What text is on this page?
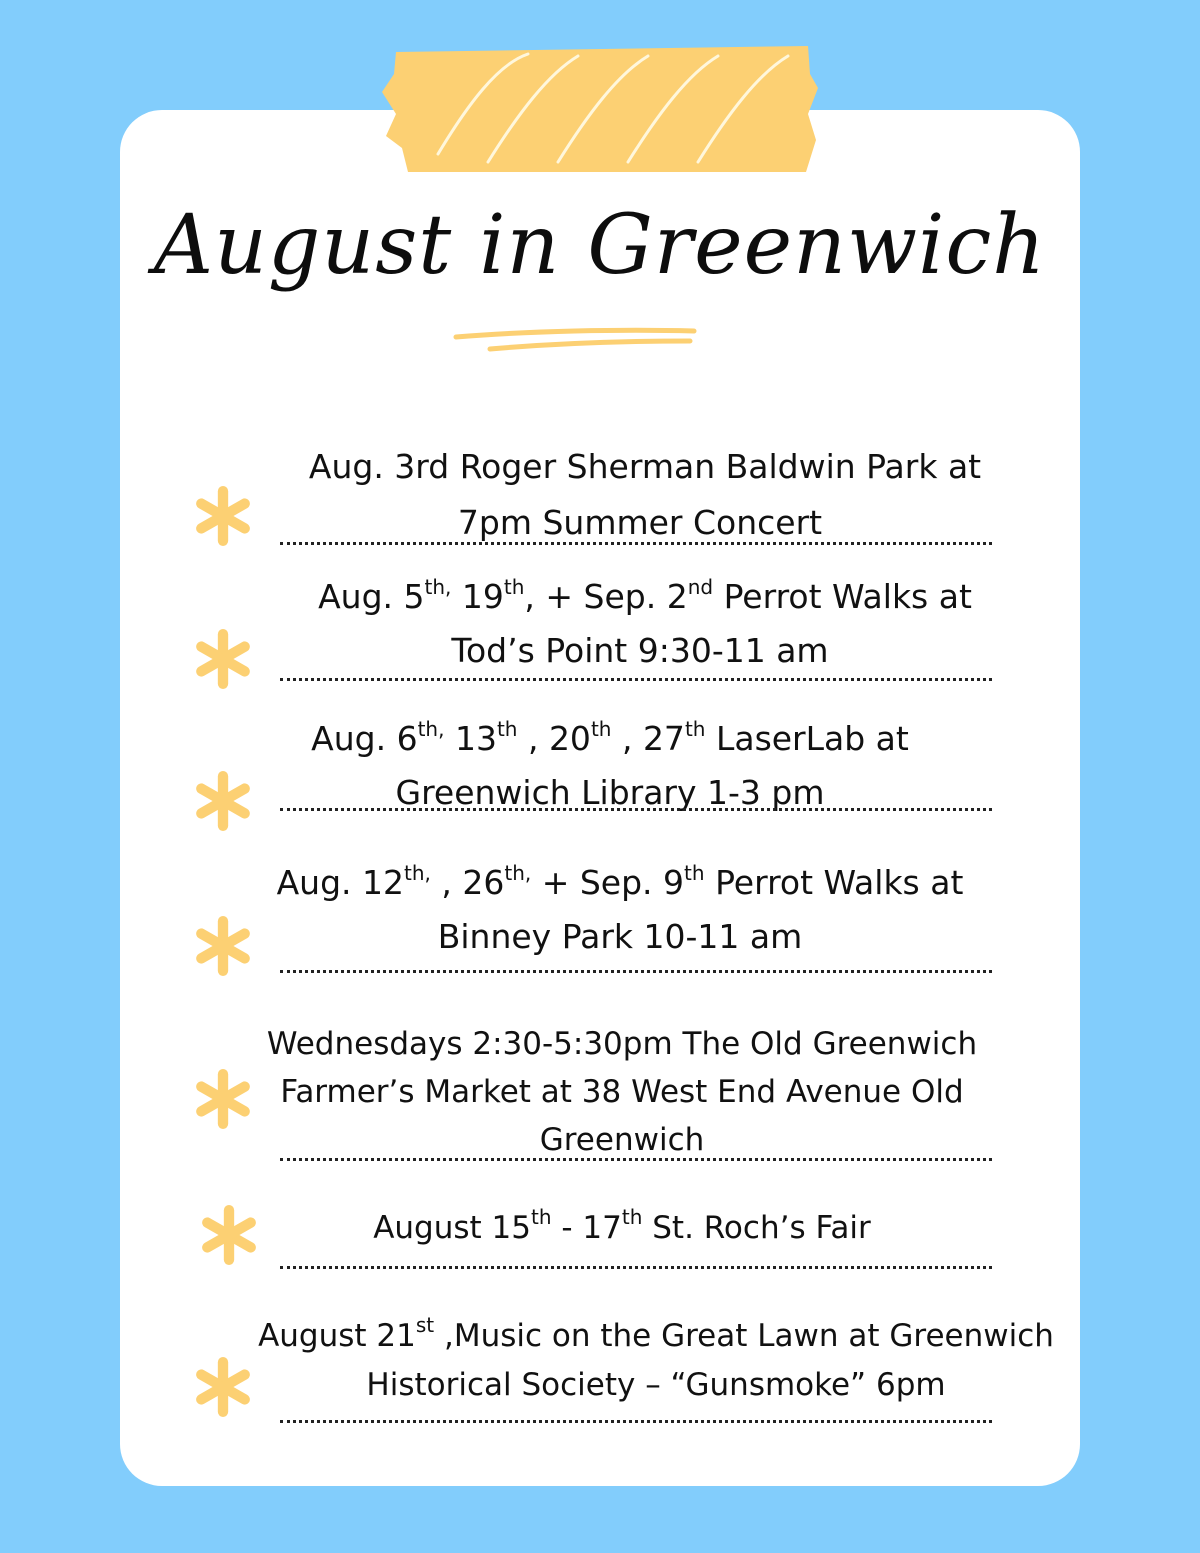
August in Greenwich
Aug. 3rd Roger Sherman Baldwin Park at
7pm Summer Concert
Aug. $5^{th,}$ 19th, + Sep. 2nd Perrot Walks at
Tod’s Point 9:30-11 am
Aug. $6^{th,}$ 13th , 20th , 27th LaserLab at
Greenwich Library 1-3 pm
Aug. $12^{th,}$ , $26^{th,}$ + Sep. 9th Perrot Walks at
Binney Park 10-11 am
Wednesdays 2:30-5:30pm The Old Greenwich
Farmer’s Market at 38 West End Avenue Old
Greenwich
August 15th - 17th St. Roch’s Fair
August 21st ,Music on the Great Lawn at Greenwich
Historical Society – “Gunsmoke” 6pm
